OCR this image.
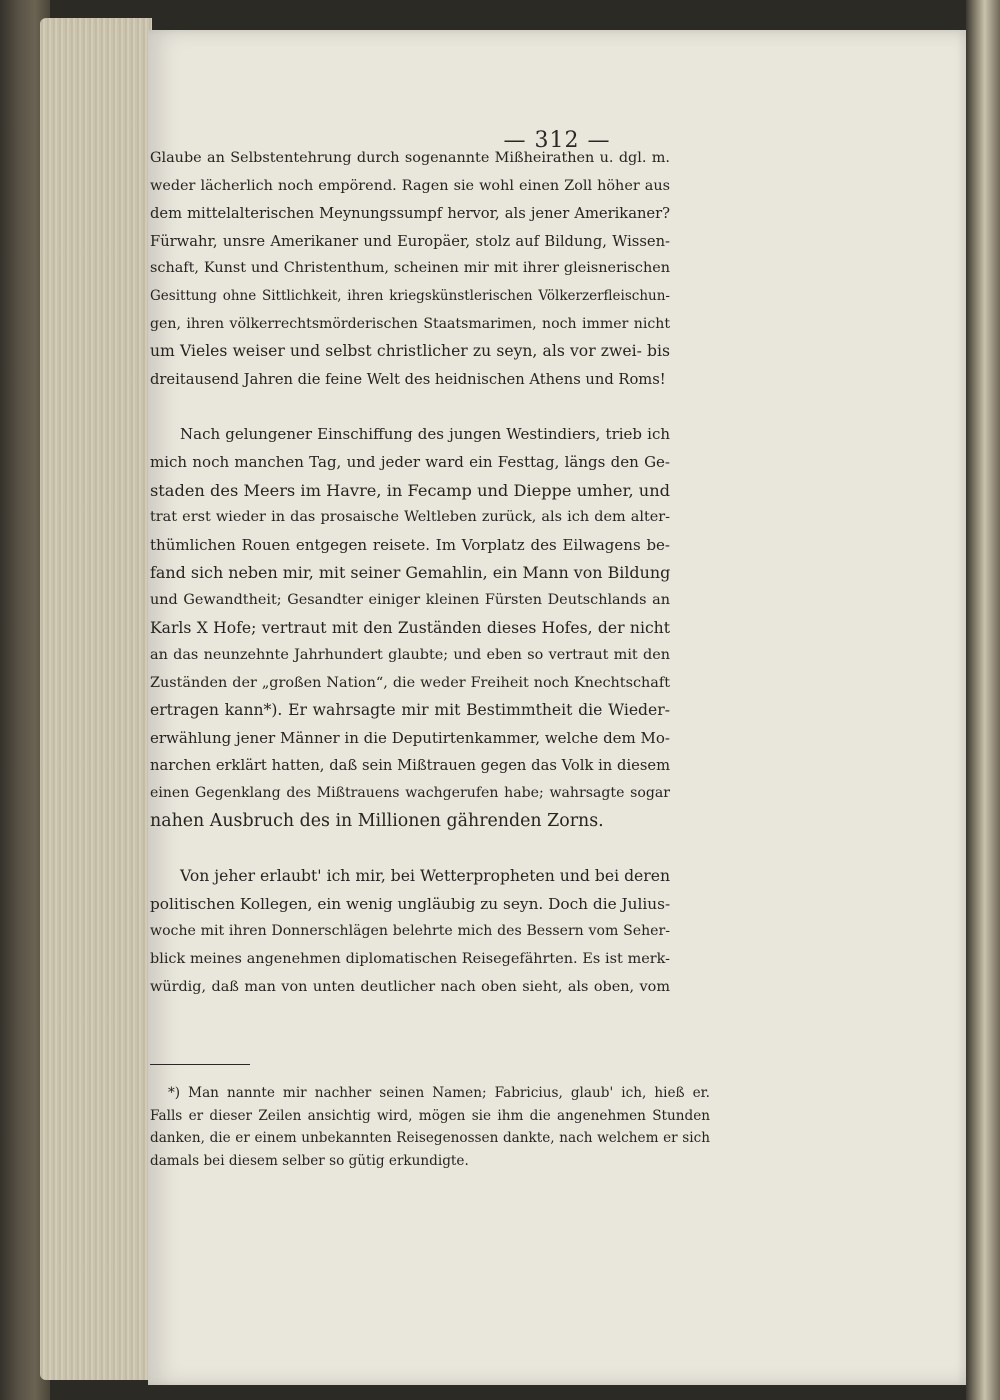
— 312 —
Glaube an Selbstentehrung durch sogenannte Mißheirathen u. dgl. m.
weder lächerlich noch empörend. Ragen sie wohl einen Zoll höher aus
dem mittelalterischen Meynungssumpf hervor, als jener Amerikaner?
Fürwahr, unsre Amerikaner und Europäer, stolz auf Bildung, Wissen-
schaft, Kunst und Christenthum, scheinen mir mit ihrer gleisnerischen
Gesittung ohne Sittlichkeit, ihren kriegskünstlerischen Völkerzerfleischun-
gen, ihren völkerrechtsmörderischen Staatsmarimen, noch immer nicht
um Vieles weiser und selbst christlicher zu seyn, als vor zwei- bis
dreitausend Jahren die feine Welt des heidnischen Athens und Roms!
Nach gelungener Einschiffung des jungen Westindiers, trieb ich
mich noch manchen Tag, und jeder ward ein Festtag, längs den Ge-
staden des Meers im Havre, in Fecamp und Dieppe umher, und
trat erst wieder in das prosaische Weltleben zurück, als ich dem alter-
thümlichen Rouen entgegen reisete. Im Vorplatz des Eilwagens be-
fand sich neben mir, mit seiner Gemahlin, ein Mann von Bildung
und Gewandtheit; Gesandter einiger kleinen Fürsten Deutschlands an
Karls X Hofe; vertraut mit den Zuständen dieses Hofes, der nicht
an das neunzehnte Jahrhundert glaubte; und eben so vertraut mit den
Zuständen der „großen Nation“, die weder Freiheit noch Knechtschaft
ertragen kann*). Er wahrsagte mir mit Bestimmtheit die Wieder-
erwählung jener Männer in die Deputirtenkammer, welche dem Mo-
narchen erklärt hatten, daß sein Mißtrauen gegen das Volk in diesem
einen Gegenklang des Mißtrauens wachgerufen habe; wahrsagte sogar
nahen Ausbruch des in Millionen gährenden Zorns.
Von jeher erlaubt' ich mir, bei Wetterpropheten und bei deren
politischen Kollegen, ein wenig ungläubig zu seyn. Doch die Julius-
woche mit ihren Donnerschlägen belehrte mich des Bessern vom Seher-
blick meines angenehmen diplomatischen Reisegefährten. Es ist merk-
würdig, daß man von unten deutlicher nach oben sieht, als oben, vom
*) Man nannte mir nachher seinen Namen; Fabricius, glaub' ich, hieß er.
Falls er dieser Zeilen ansichtig wird, mögen sie ihm die angenehmen Stunden
danken, die er einem unbekannten Reisegenossen dankte, nach welchem er sich
damals bei diesem selber so gütig erkundigte.
